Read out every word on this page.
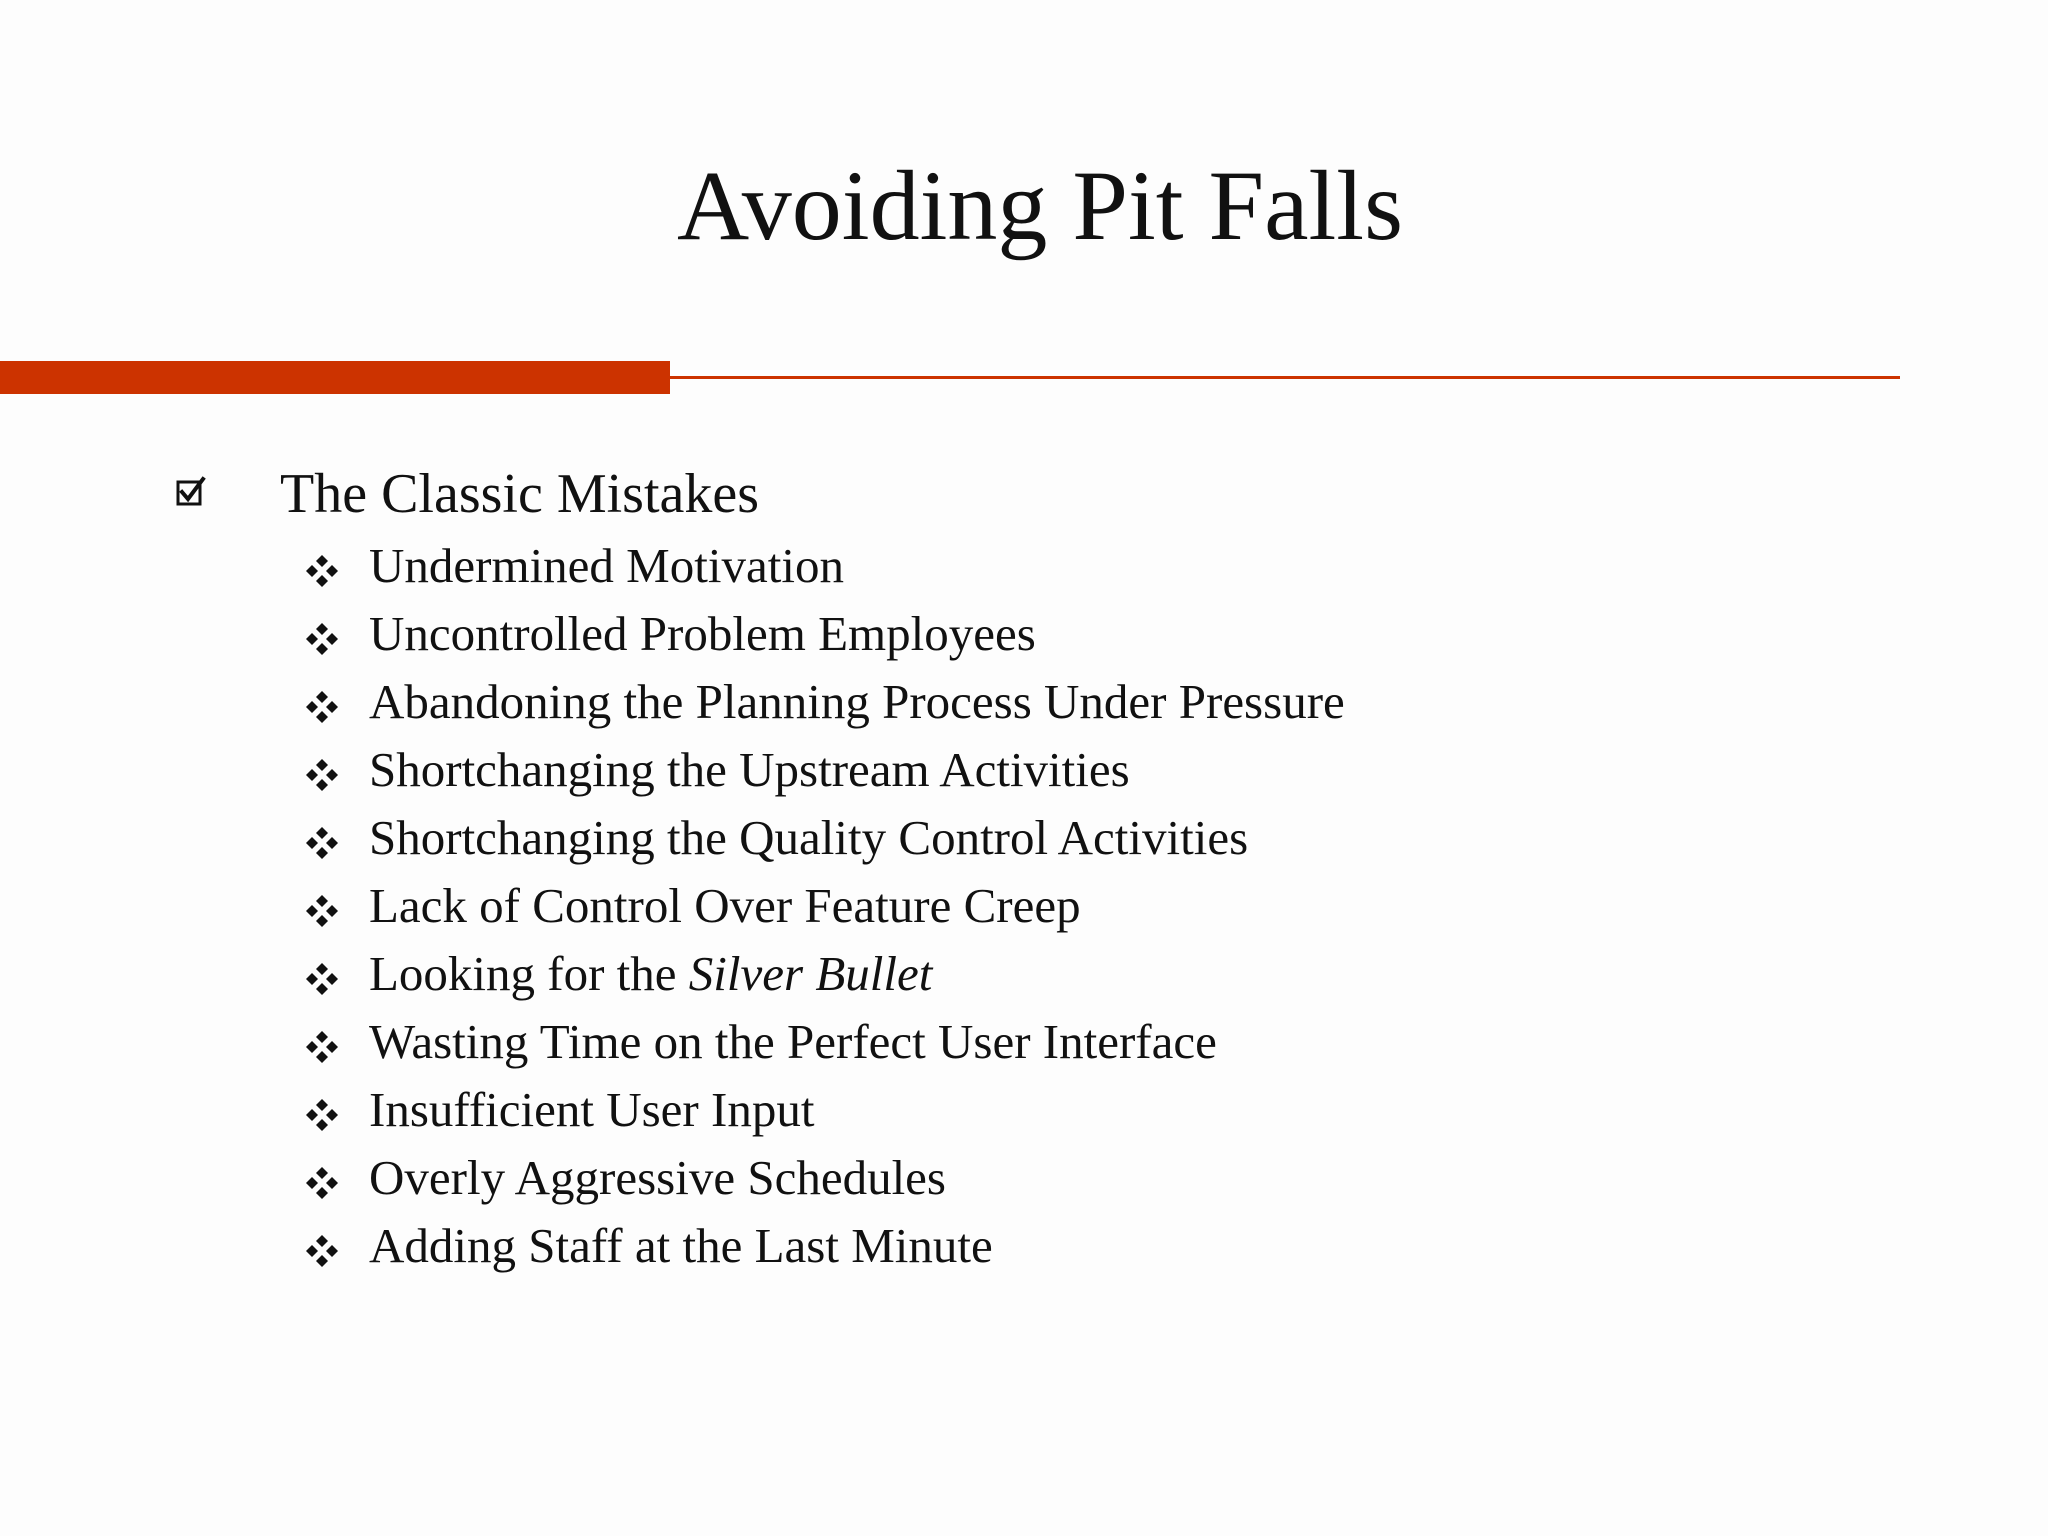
Avoiding Pit Falls
The Classic Mistakes
Undermined Motivation
Uncontrolled Problem Employees
Abandoning the Planning Process Under Pressure
Shortchanging the Upstream Activities
Shortchanging the Quality Control Activities
Lack of Control Over Feature Creep
Looking for the Silver Bullet
Wasting Time on the Perfect User Interface
Insufficient User Input
Overly Aggressive Schedules
Adding Staff at the Last Minute
